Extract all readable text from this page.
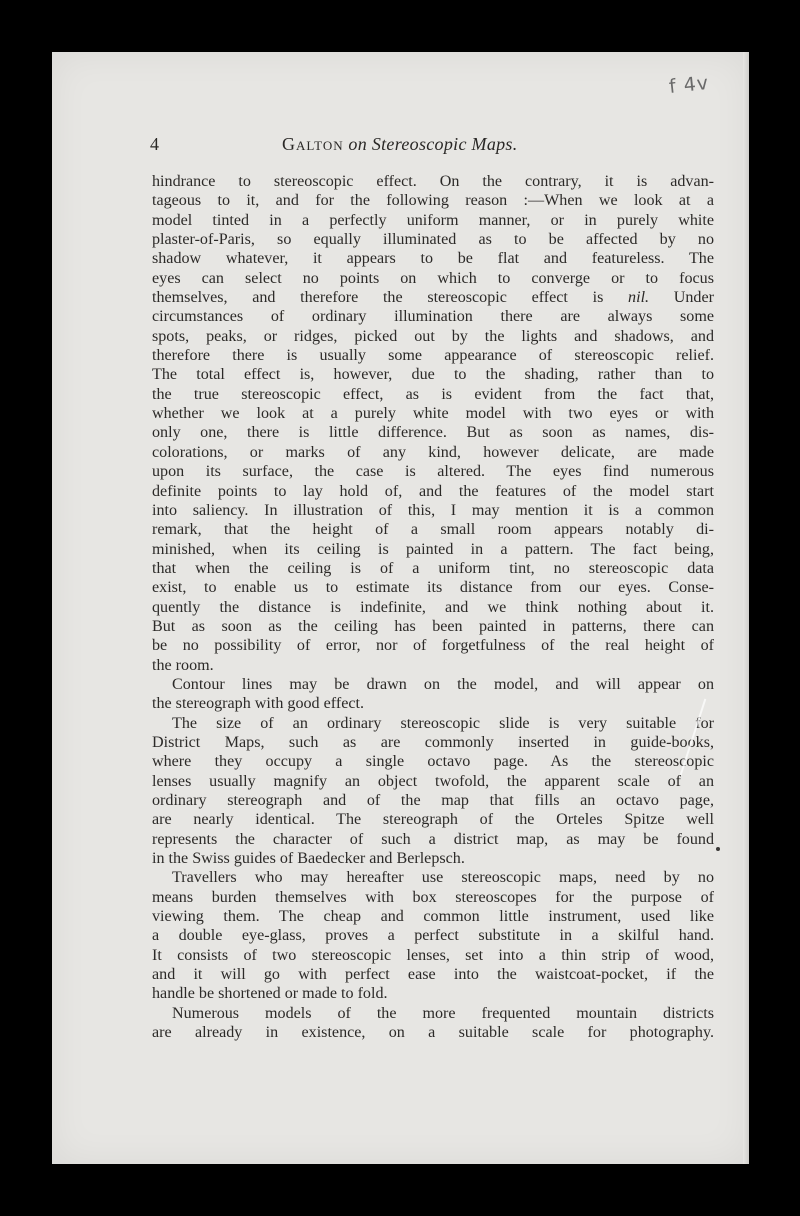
f 4v
4	Galton on Stereoscopic Maps.

hindrance to stereoscopic effect. On the contrary, it is advan-

tageous to it, and for the following reason :—When we look at a

model tinted in a perfectly uniform manner, or in purely white

plaster-of-Paris, so equally illuminated as to be affected by no

shadow whatever, it appears to be flat and featureless. The

eyes can select no points on which to converge or to focus

themselves, and therefore the stereoscopic effect is nil. Under

circumstances of ordinary illumination there are always some

spots, peaks, or ridges, picked out by the lights and shadows, and

therefore there is usually some appearance of stereoscopic relief.

The total effect is, however, due to the shading, rather than to

the true stereoscopic effect, as is evident from the fact that,

whether we look at a purely white model with two eyes or with

only one, there is little difference. But as soon as names, dis-

colorations, or marks of any kind, however delicate, are made

upon its surface, the case is altered. The eyes find numerous

definite points to lay hold of, and the features of the model start

into saliency. In illustration of this, I may mention it is a common

remark, that the height of a small room appears notably di-

minished, when its ceiling is painted in a pattern. The fact being,

that when the ceiling is of a uniform tint, no stereoscopic data

exist, to enable us to estimate its distance from our eyes. Conse-

quently the distance is indefinite, and we think nothing about it.

But as soon as the ceiling has been painted in patterns, there can

be no possibility of error, nor of forgetfulness of the real height of

the room.

Contour lines may be drawn on the model, and will appear on

the stereograph with good effect.

The size of an ordinary stereoscopic slide is very suitable for

District Maps, such as are commonly inserted in guide-books,

where they occupy a single octavo page. As the stereoscopic

lenses usually magnify an object twofold, the apparent scale of an

ordinary stereograph and of the map that fills an octavo page,

are nearly identical. The stereograph of the Orteles Spitze well

represents the character of such a district map, as may be found

in the Swiss guides of Baedecker and Berlepsch.

Travellers who may hereafter use stereoscopic maps, need by no

means burden themselves with box stereoscopes for the purpose of

viewing them. The cheap and common little instrument, used like

a double eye-glass, proves a perfect substitute in a skilful hand.

It consists of two stereoscopic lenses, set into a thin strip of wood,

and it will go with perfect ease into the waistcoat-pocket, if the

handle be shortened or made to fold.

Numerous models of the more frequented mountain districts

are already in existence, on a suitable scale for photography.
